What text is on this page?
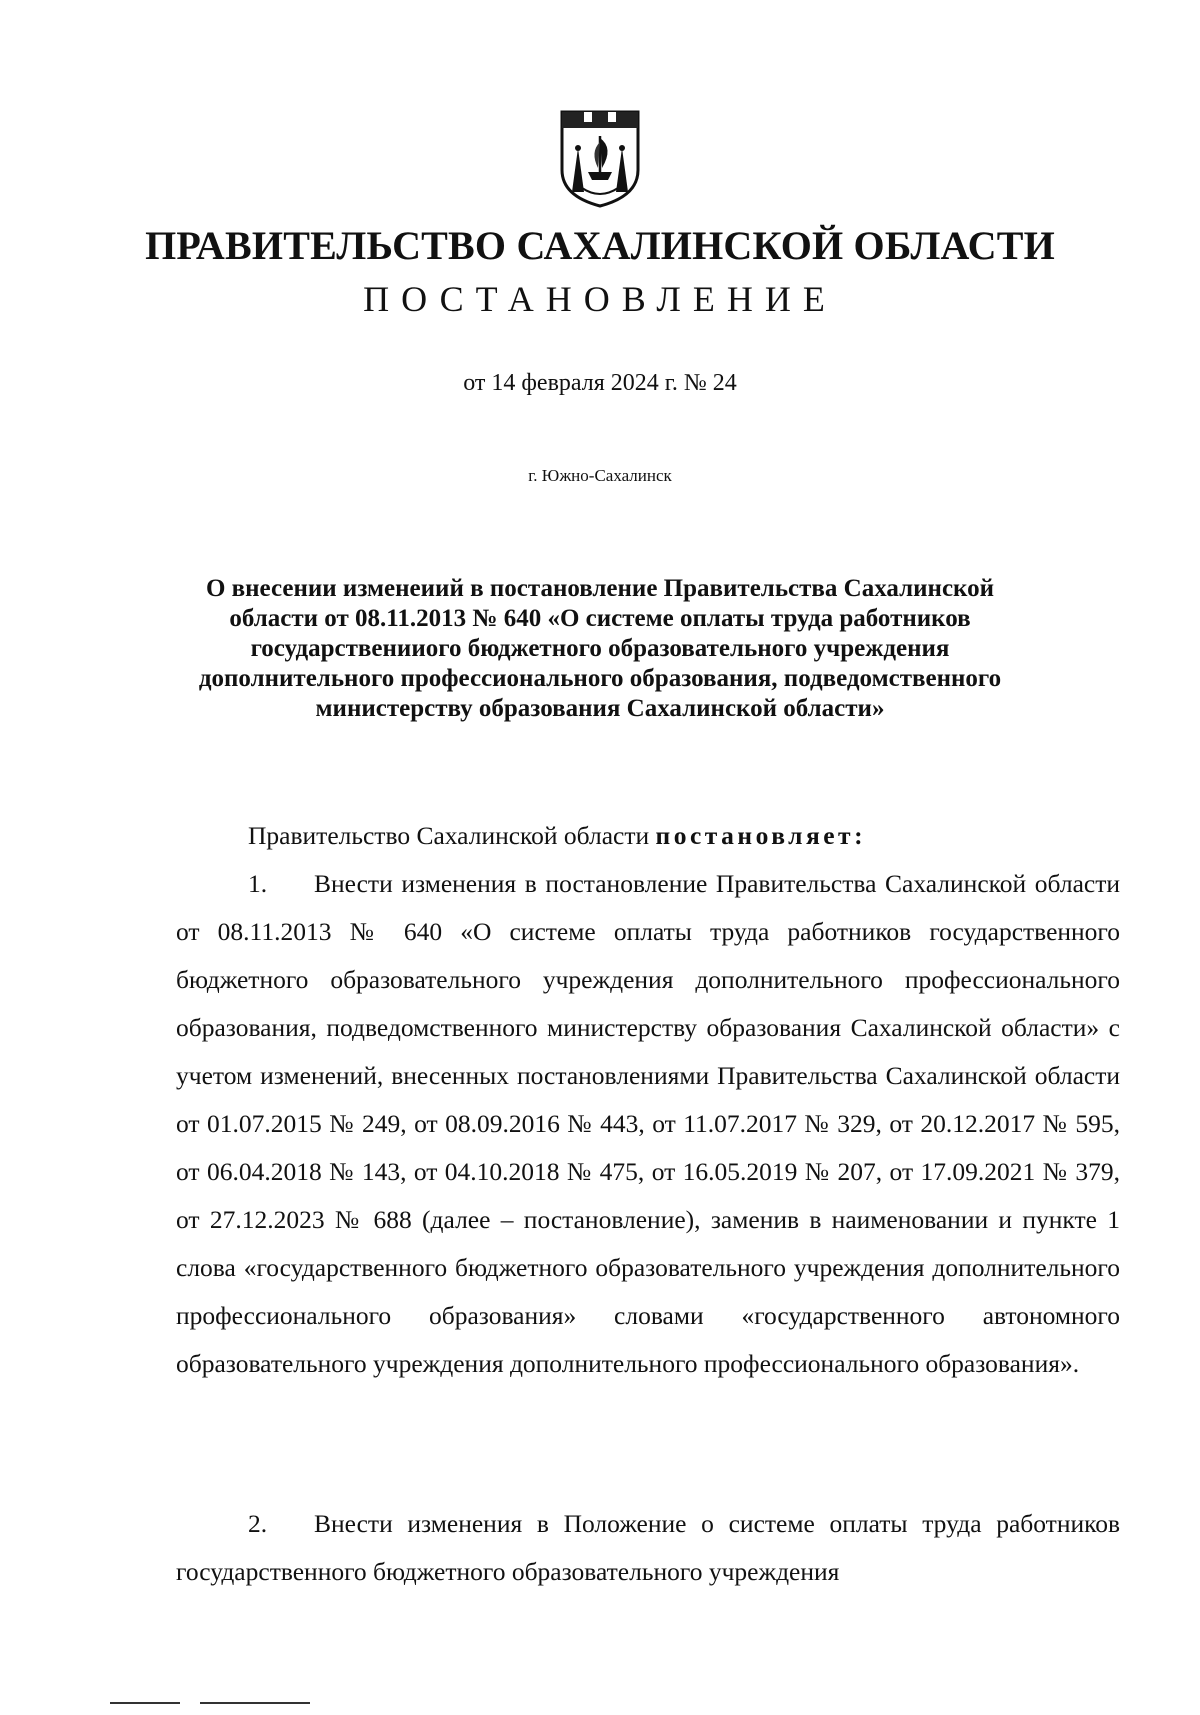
ПРАВИТЕЛЬСТВО САХАЛИНСКОЙ ОБЛАСТИ
ПОСТАНОВЛЕНИЕ
от 14 февраля 2024 г. № 24
г. Южно-Сахалинск
О внесении изменеиий в постановление Правительства Сахалинской
области от 08.11.2013 № 640 «О системе оплаты труда работников
государственииого бюджетного образовательного учреждения
дополнительного профессионального образования, подведомственного
министерству образования Сахалинской области»
Правительство Сахалинской области постановляет:
1. Внести изменения в постановление Правительства Сахалинской области от 08.11.2013 № 640 «О системе оплаты труда работников государственного бюджетного образовательного учреждения дополнительного профессионального образования, подведомственного министерству образования Сахалинской области» с учетом изменений, внесенных постановлениями Правительства Сахалинской области от 01.07.2015 № 249, от 08.09.2016 № 443, от 11.07.2017 № 329, от 20.12.2017 № 595, от 06.04.2018 № 143, от 04.10.2018 № 475, от 16.05.2019 № 207, от 17.09.2021 № 379, от 27.12.2023 № 688 (далее – постановление), заменив в наименовании и пункте 1 слова «государственного бюджетного образовательного учреждения дополнительного профессионального образования» словами «государственного автономного образовательного учреждения дополнительного профессионального образования».
2. Внести изменения в Положение о системе оплаты труда работников государственного бюджетного образовательного учреждения
